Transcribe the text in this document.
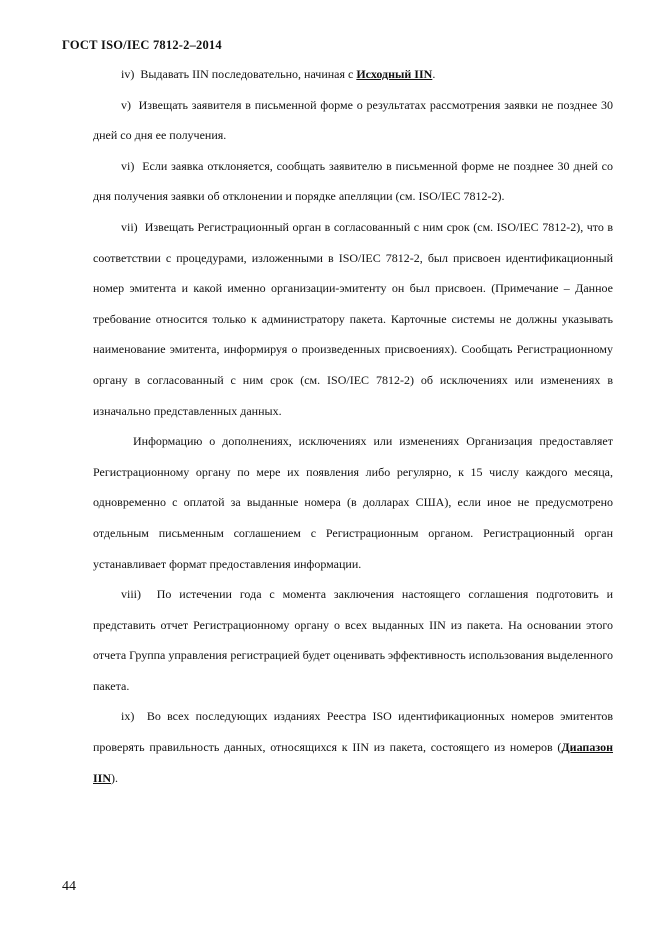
ГОСТ ISO/IEC 7812-2–2014

iv) Выдавать IIN последовательно, начиная с Исходный IIN.

v) Извещать заявителя в письменной форме о результатах рассмотрения заявки не позднее 30 дней со дня ее получения.

vi) Если заявка отклоняется, сообщать заявителю в письменной форме не позднее 30 дней со дня получения заявки об отклонении и порядке апелляции (см. ISO/IEC 7812-2).

vii) Извещать Регистрационный орган в согласованный с ним срок (см. ISO/IEC 7812-2), что в соответствии с процедурами, изложенными в ISO/IEC 7812-2, был присвоен идентификационный номер эмитента и какой именно организации-эмитенту он был присвоен. (Примечание – Данное требование относится только к администратору пакета. Карточные системы не должны указывать наименование эмитента, информируя о произведенных присвоениях). Сообщать Регистрационному органу в согласованный с ним срок (см. ISO/IEC 7812-2) об исключениях или изменениях в изначально представленных данных.

Информацию о дополнениях, исключениях или изменениях Организация предоставляет Регистрационному органу по мере их появления либо регулярно, к 15 числу каждого месяца, одновременно с оплатой за выданные номера (в долларах США), если иное не предусмотрено отдельным письменным соглашением с Регистрационным органом. Регистрационный орган устанавливает формат предоставления информации.

viii) По истечении года с момента заключения настоящего соглашения подготовить и представить отчет Регистрационному органу о всех выданных IIN из пакета. На основании этого отчета Группа управления регистрацией будет оценивать эффективность использования выделенного пакета.

ix) Во всех последующих изданиях Реестра ISO идентификационных номеров эмитентов проверять правильность данных, относящихся к IIN из пакета, состоящего из номеров (Диапазон IIN).

44
